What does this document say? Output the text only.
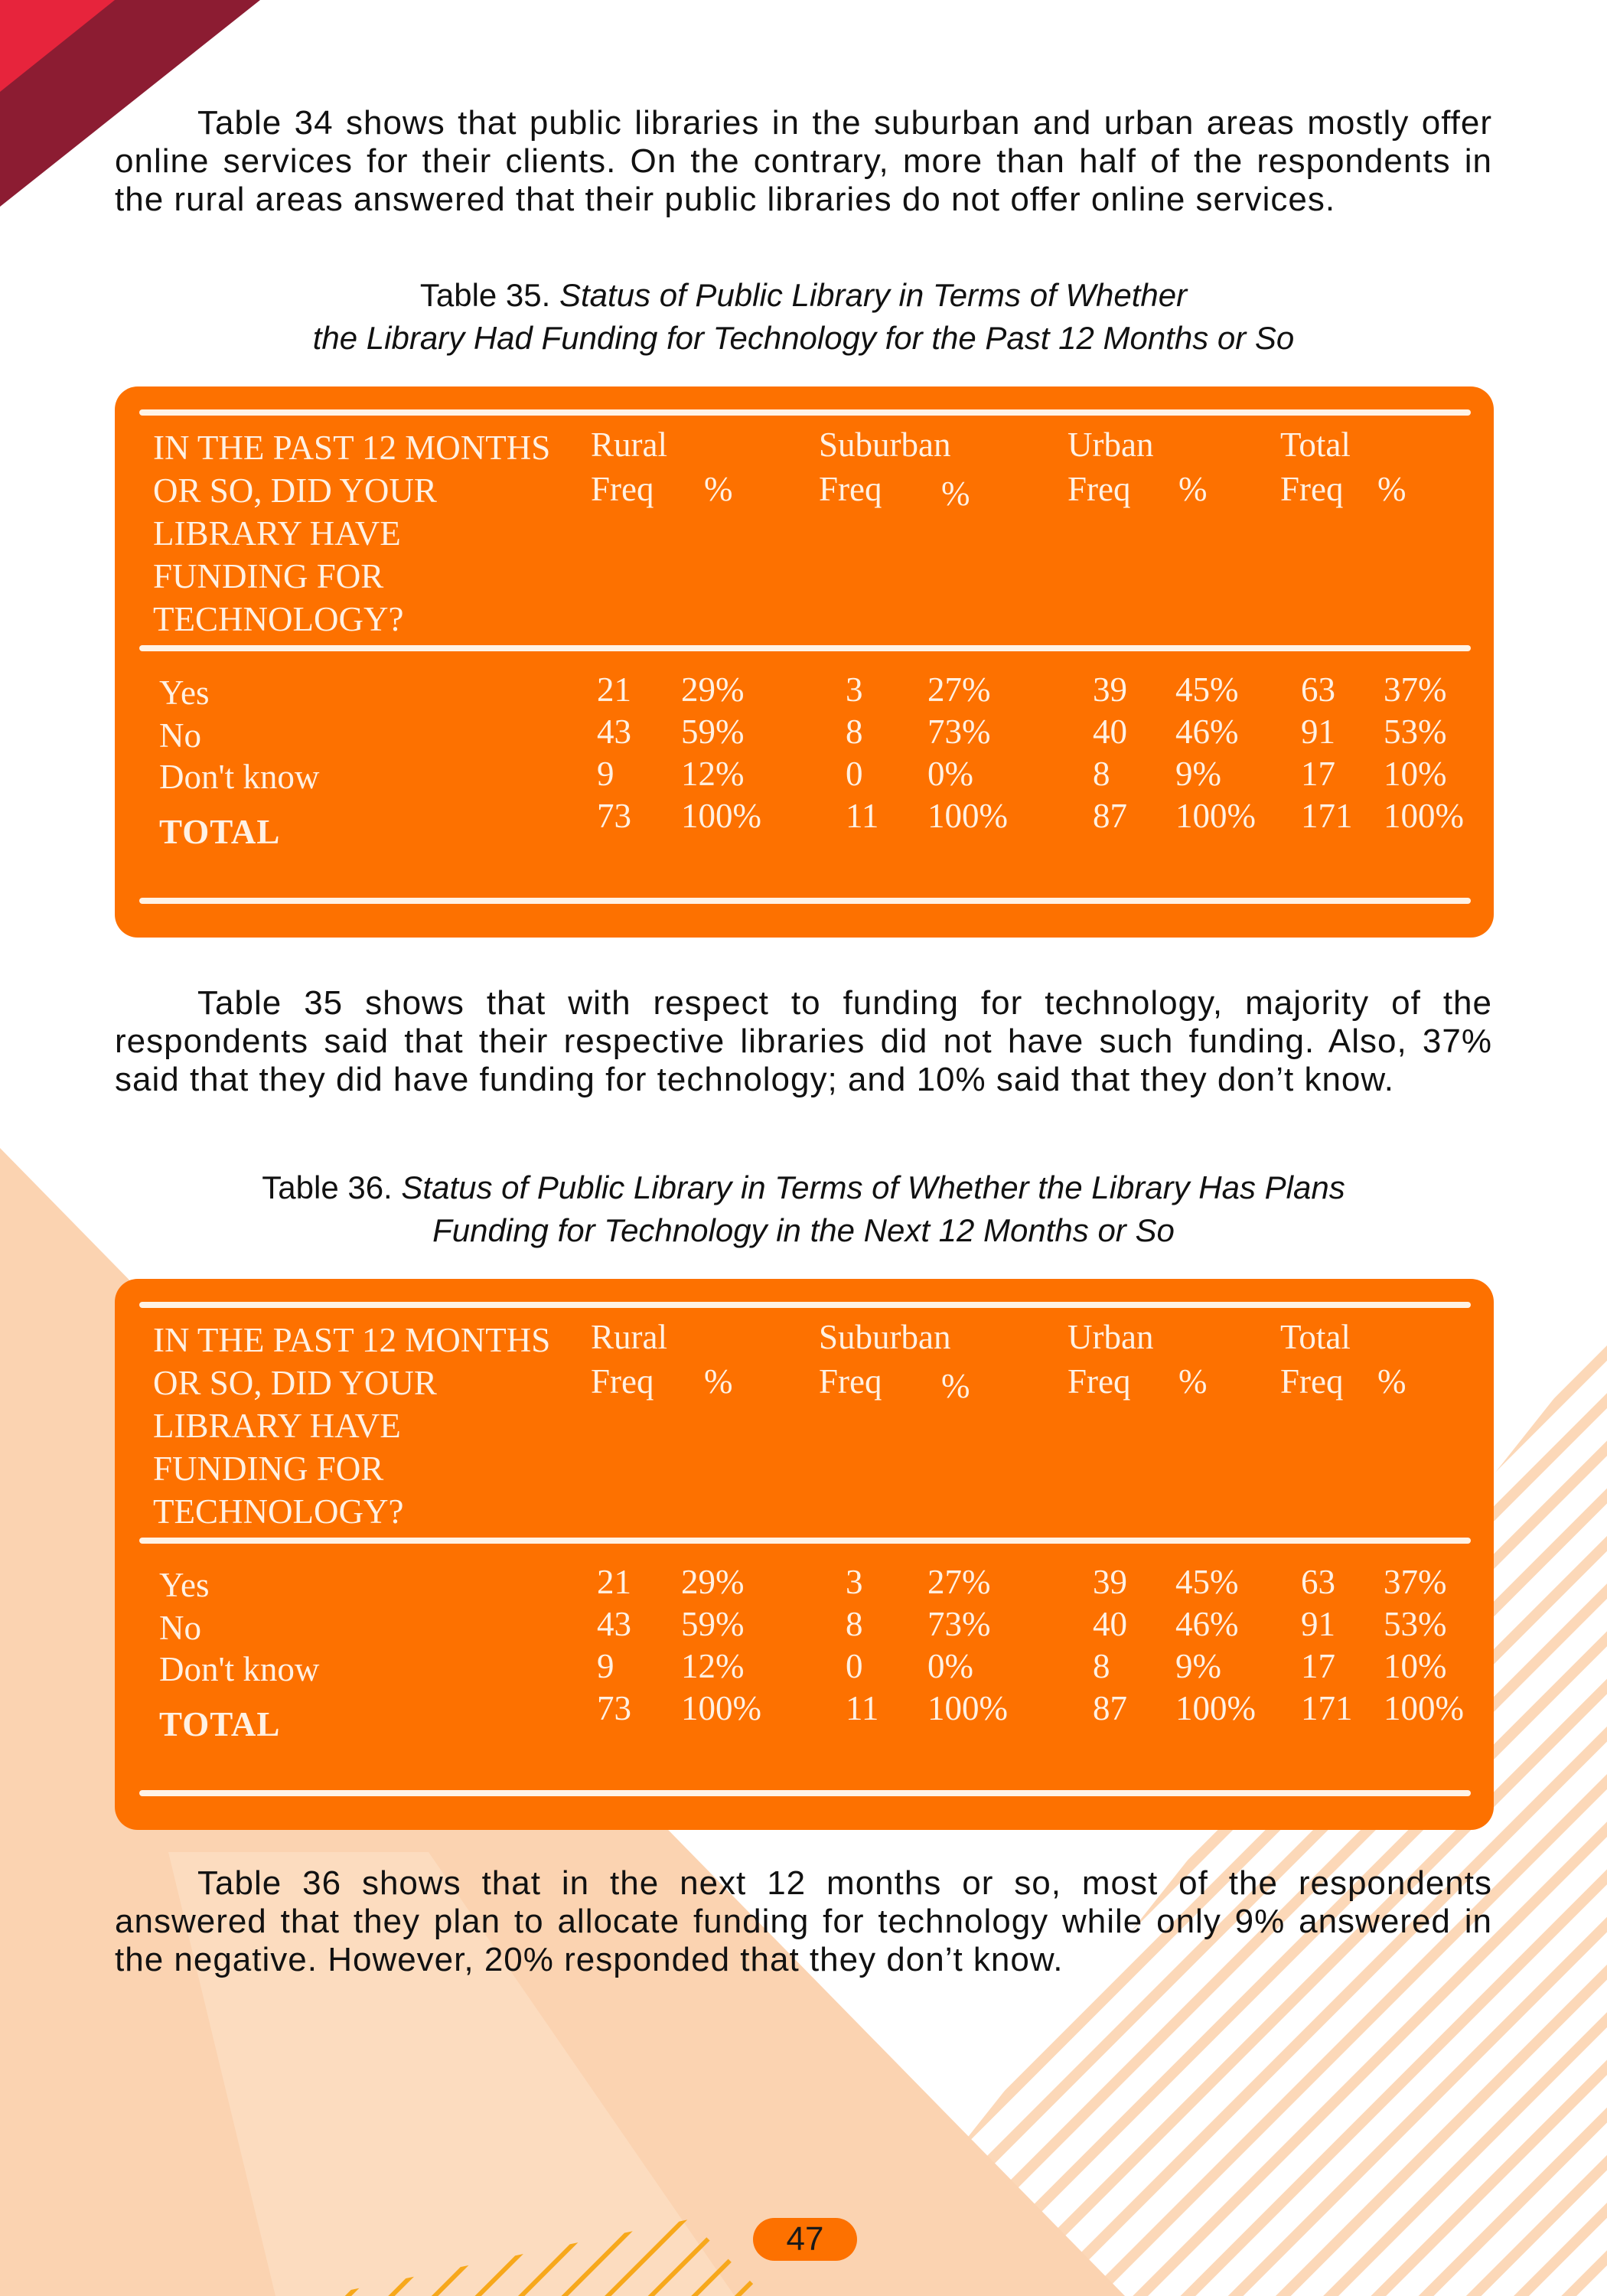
Table 34 shows that public libraries in the suburban and urban areas mostly offer online services for their clients. On the contrary, more than half of the respondents in the rural areas answered that their public libraries do not offer online services.

Table 35. Status of Public Library in Terms of Whether
the Library Had Funding for Technology for the Past 12 Months or So
IN THE PAST 12 MONTHS OR SO, DID YOUR LIBRARY HAVE FUNDING FOR TECHNOLOGY?
Rural
Freq %
Suburban
Freq %
Urban
Freq %
Total
Freq %
Yes	21 29%	3 27%	39 45% 63 37%
No	43 59%	8 73%	40 46% 91 53%
Don't know	9 12%	0 0%	8 9% 17 10%
TOTAL	73 100% 11 100% 87 100% 171 100%

Table 35 shows that with respect to funding for technology, majority of the respondents said that their respective libraries did not have such funding. Also, 37% said that they did have funding for technology; and 10% said that they don’t know.

Table 36. Status of Public Library in Terms of Whether the Library Has Plans
Funding for Technology in the Next 12 Months or So
IN THE PAST 12 MONTHS OR SO, DID YOUR LIBRARY HAVE FUNDING FOR TECHNOLOGY?
Rural
Freq %
Suburban
Freq %
Urban
Freq %
Total
Freq %
Yes	21 29%	3 27%	39 45% 63 37%
No	43 59%	8 73%	40 46% 91 53%
Don't know	9 12%	0 0%	8 9% 17 10%
TOTAL	73 100% 11 100% 87 100% 171 100%

Table 36 shows that in the next 12 months or so, most of the respondents answered that they plan to allocate funding for technology while only 9% answered in the negative. However, 20% responded that they don’t know.

47
